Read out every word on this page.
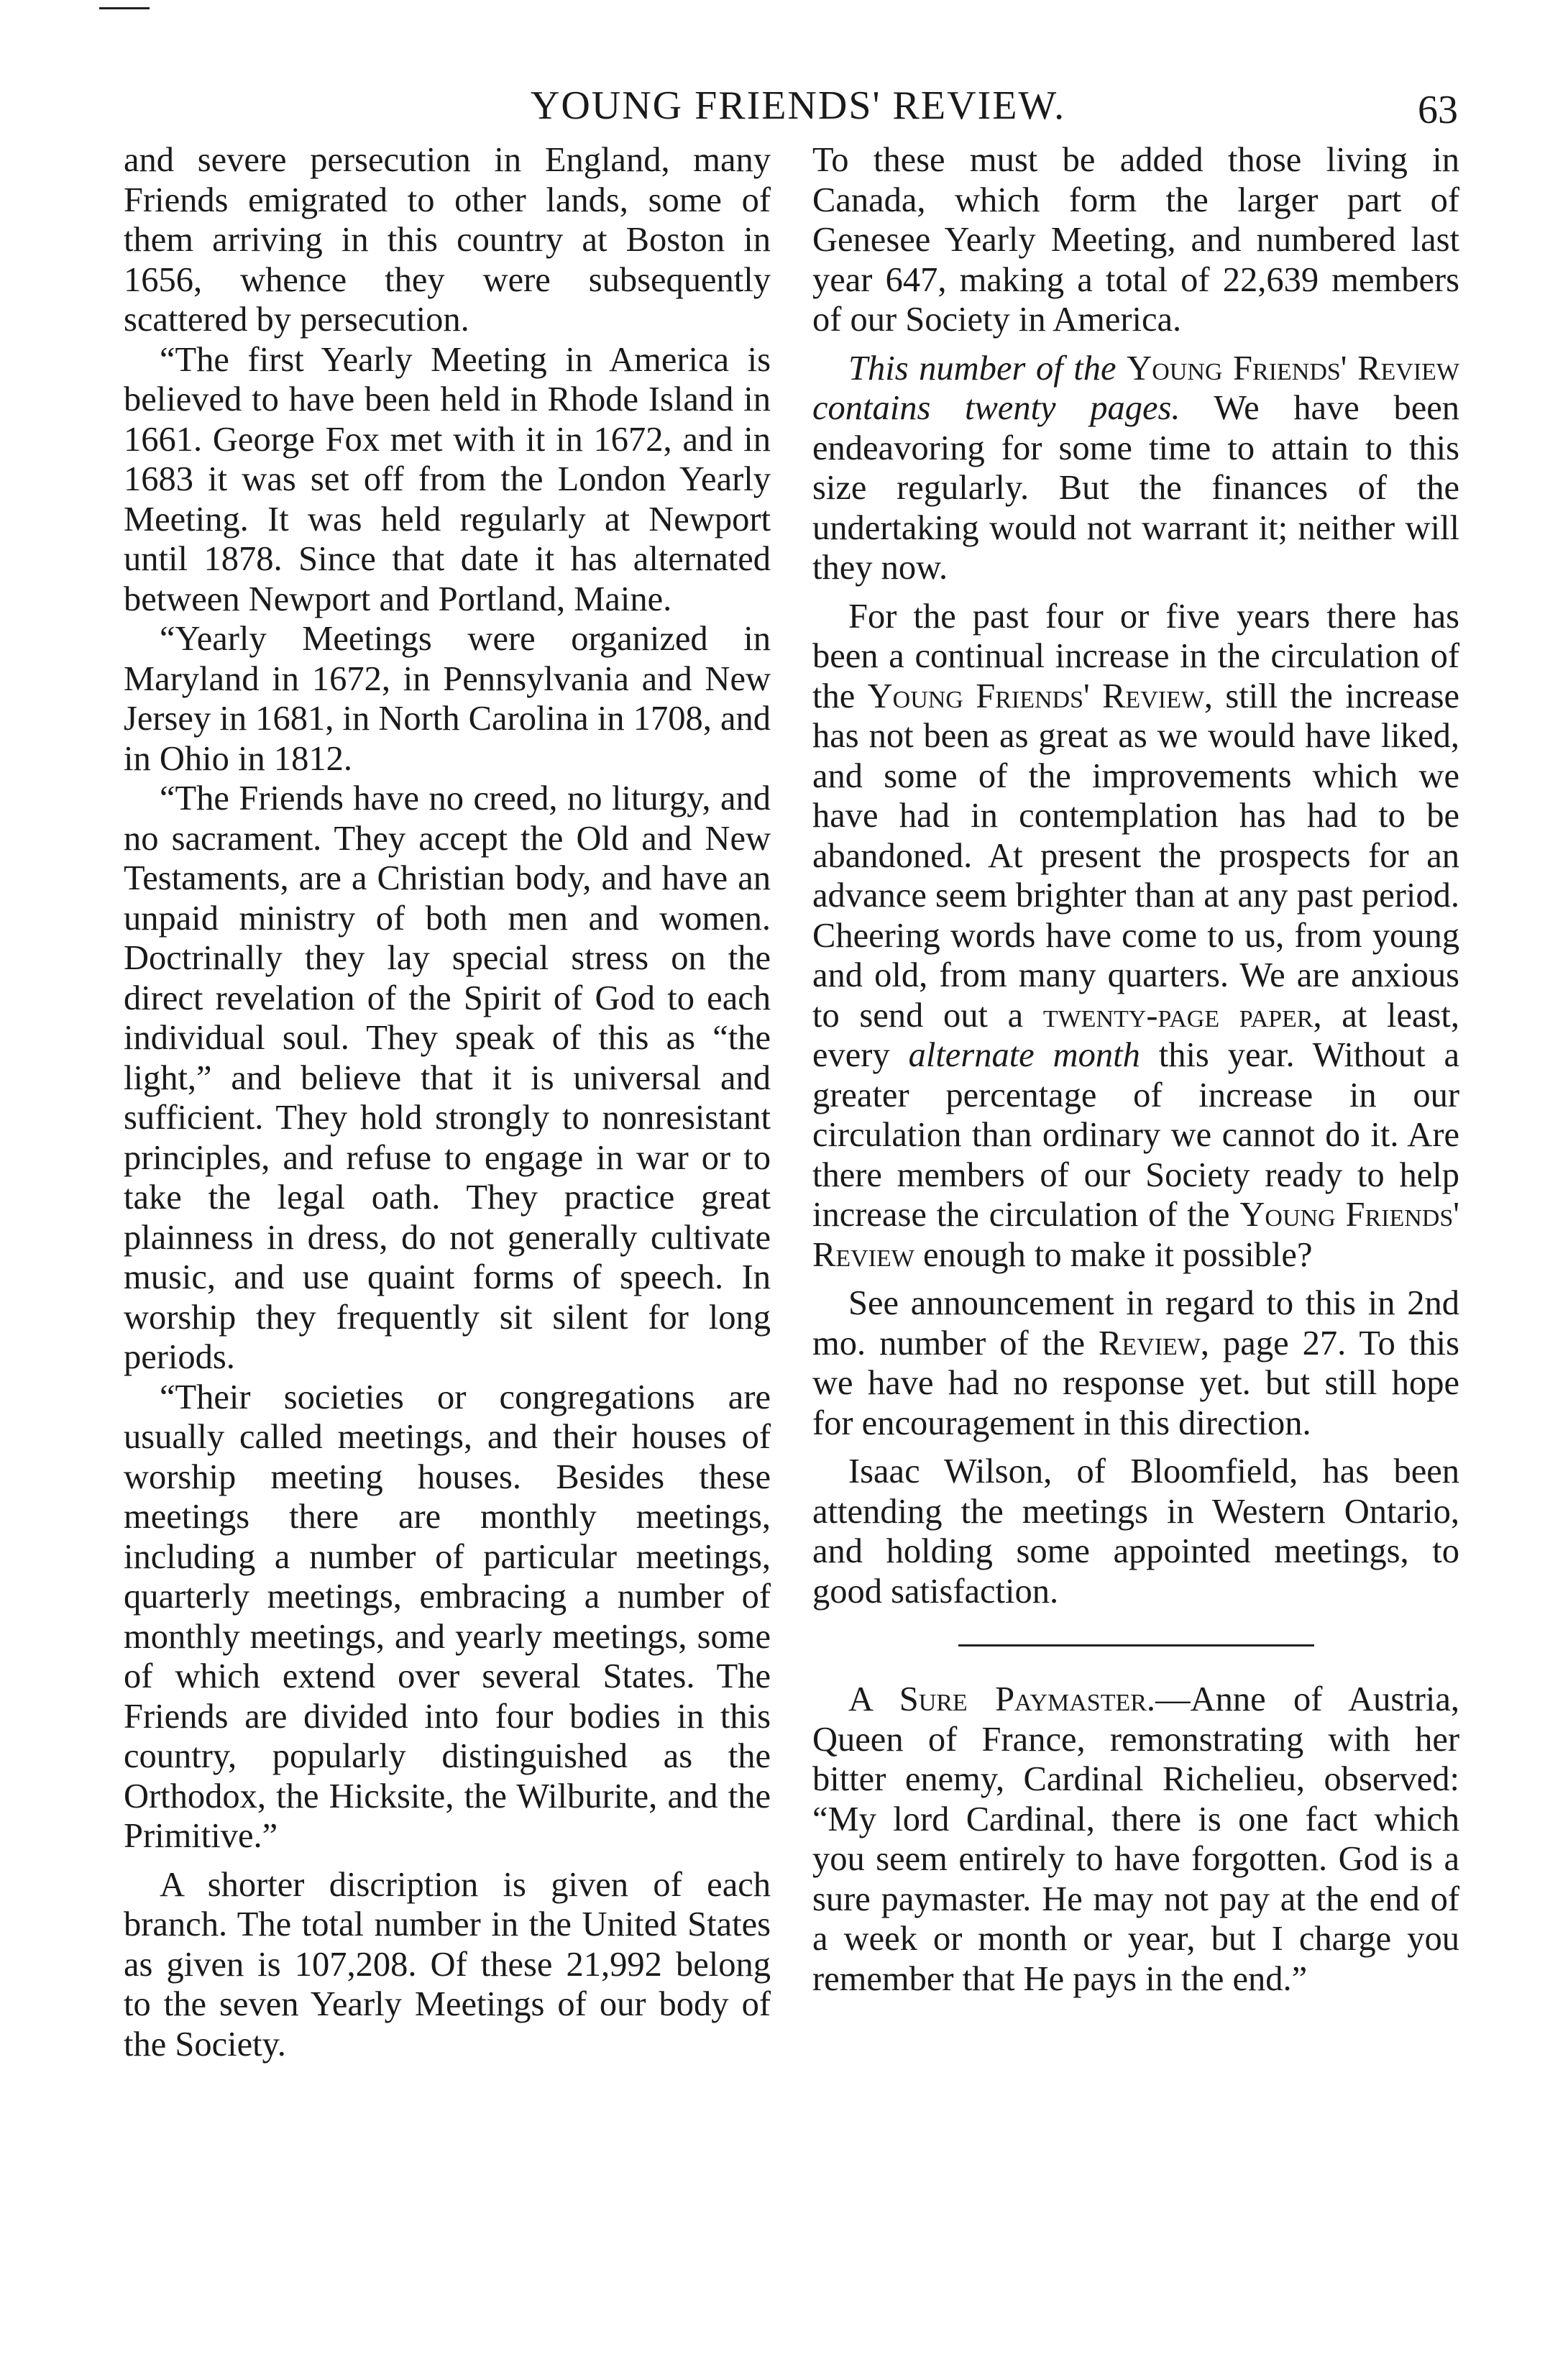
YOUNG FRIENDS' REVIEW.	63

and severe persecution in England, many Friends emigrated to other lands, some of them arriving in this country at Boston in 1656, whence they were subsequently scattered by persecution.

“The first Yearly Meeting in America is believed to have been held in Rhode Island in 1661. George Fox met with it in 1672, and in 1683 it was set off from the London Yearly Meeting. It was held regularly at Newport until 1878. Since that date it has alternated between Newport and Portland, Maine.

“Yearly Meetings were organized in Maryland in 1672, in Pennsylvania and New Jersey in 1681, in North Carolina in 1708, and in Ohio in 1812.

“The Friends have no creed, no liturgy, and no sacrament. They accept the Old and New Testaments, are a Christian body, and have an unpaid ministry of both men and women. Doctrinally they lay special stress on the direct revelation of the Spirit of God to each individual soul. They speak of this as “the light,” and believe that it is universal and sufficient. They hold strongly to nonresistant principles, and refuse to engage in war or to take the legal oath. They practice great plainness in dress, do not generally cultivate music, and use quaint forms of speech. In worship they frequently sit silent for long periods.

“Their societies or congregations are usually called meetings, and their houses of worship meeting houses. Besides these meetings there are monthly meetings, including a number of particular meetings, quarterly meetings, embracing a number of monthly meetings, and yearly meetings, some of which extend over several States. The Friends are divided into four bodies in this country, popularly distinguished as the Orthodox, the Hicksite, the Wilburite, and the Primitive.”

A shorter discription is given of each branch. The total number in the United States as given is 107,208. Of these 21,992 belong to the seven Yearly Meetings of our body of the Society.

To these must be added those living in Canada, which form the larger part of Genesee Yearly Meeting, and numbered last year 647, making a total of 22,639 members of our Society in America.

This number of the Young Friends' Review contains twenty pages. We have been endeavoring for some time to attain to this size regularly. But the finances of the undertaking would not warrant it; neither will they now.

For the past four or five years there has been a continual increase in the circulation of the Young Friends' Review, still the increase has not been as great as we would have liked, and some of the improvements which we have had in contemplation has had to be abandoned. At present the prospects for an advance seem brighter than at any past period. Cheering words have come to us, from young and old, from many quarters. We are anxious to send out a twenty-page paper, at least, every alternate month this year. Without a greater percentage of increase in our circulation than ordinary we cannot do it. Are there members of our Society ready to help increase the circulation of the Young Friends' Review enough to make it possible?

See announcement in regard to this in 2nd mo. number of the Review, page 27. To this we have had no response yet. but still hope for encouragement in this direction.

Isaac Wilson, of Bloomfield, has been attending the meetings in Western Ontario, and holding some appointed meetings, to good satisfaction.

A Sure Paymaster.—Anne of Austria, Queen of France, remonstrating with her bitter enemy, Cardinal Richelieu, observed: “My lord Cardinal, there is one fact which you seem entirely to have forgotten. God is a sure paymaster. He may not pay at the end of a week or month or year, but I charge you remember that He pays in the end.”
